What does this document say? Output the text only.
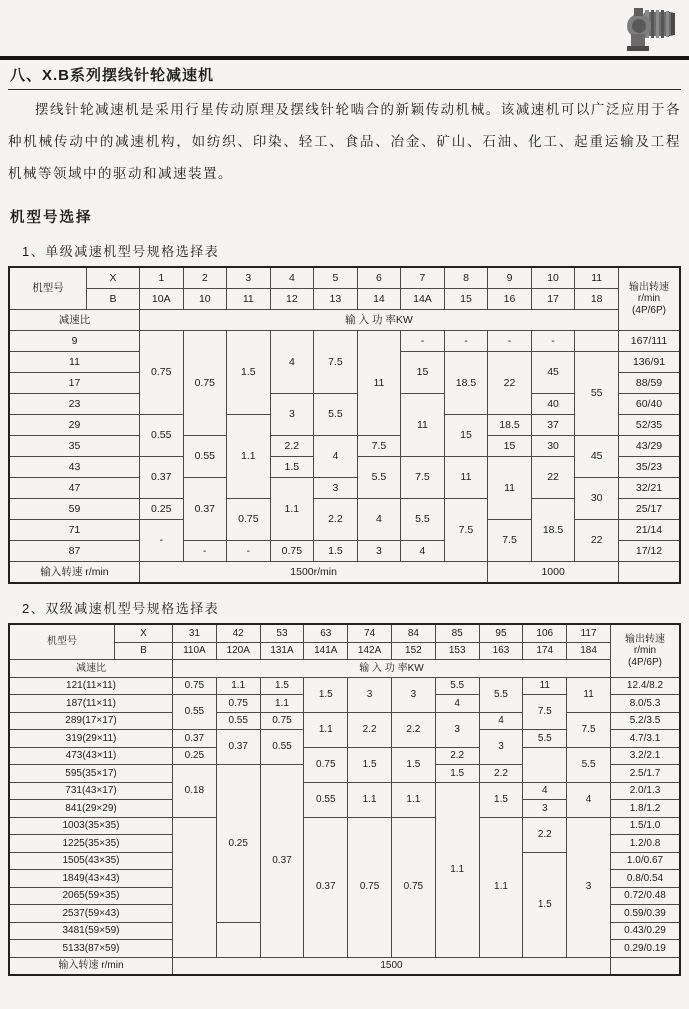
八、X.B系列摆线针轮减速机

摆线针轮减速机是采用行星传动原理及摆线针轮啮合的新颖传动机械。该减速机可以广泛应用于各种机械传动中的减速机构，如纺织、印染、轻工、食品、冶金、矿山、石油、化工、起重运输及工程机械等领域中的驱动和减速装置。

机型号选择
1、单级减速机型号规格选择表
机型号	X	1	2	3	4	5	6	7	8	9	10	11	输出转速
r/min
(4P/6P)

	B	10A	10	11	12	13	14	14A	15	16	17	18	
减速比		输 入 功 率KW											
9		0.75	0.75	1.5	4	7.5	11	-	-	-	-		167/111
11								15	18.5	22	45	55	136/91
17													88/59
23					3	5.5		11			40		60/40
29		0.55		1.1					15	18.5	37		52/35
35			0.55		2.2	4	7.5			15	30	45	43/29
43		0.37			1.5		5.5	7.5	11	11	22		35/23
47			0.37		1.1	3						30	32/21
59		0.25		0.75		2.2	4	5.5	7.5		18.5		25/17
71		-								7.5		22	21/14
87			-	-	0.75	1.5	3	4					17/12
输入转速 r/min		1500r/min								1000			
2、双级减速机型号规格选择表
机型号	X	31	42	53	63	74	84	85	95	106	117	输出转速
r/min
(4P/6P)

	B	110A	120A	131A	141A	142A	152	153	163	174	184	
减速比		输 入 功 率KW										
121(11×11)		0.75	1.1	1.5	1.5	3	3	5.5	5.5	11	11	12.4/8.2
187(11×11)		0.55	0.75	1.1				4		7.5		8.0/5.3
289(17×17)			0.55	0.75	1.1	2.2	2.2	3	4		7.5	5.2/3.5
319(29×11)		0.37	0.37	0.55					3	5.5		4.7/3.1
473(43×11)		0.25			0.75	1.5	1.5	2.2			5.5	3.2/2.1
595(35×17)		0.18	0.25	0.37				1.5	2.2			2.5/1.7
731(43×17)					0.55	1.1	1.1	1.1	1.5	4	4	2.0/1.3
841(29×29)										3		1.8/1.2
1003(35×35)					0.37	0.75	0.75		1.1	2.2	3	1.5/1.0
1225(35×35)												1.2/0.8
1505(43×35)										1.5		1.0/0.67
1849(43×43)												0.8/0.54
2065(59×35)												0.72/0.48
2537(59×43)												0.59/0.39
3481(59×59)												0.43/0.29
5133(87×59)												0.29/0.19
输入转速 r/min		1500										
